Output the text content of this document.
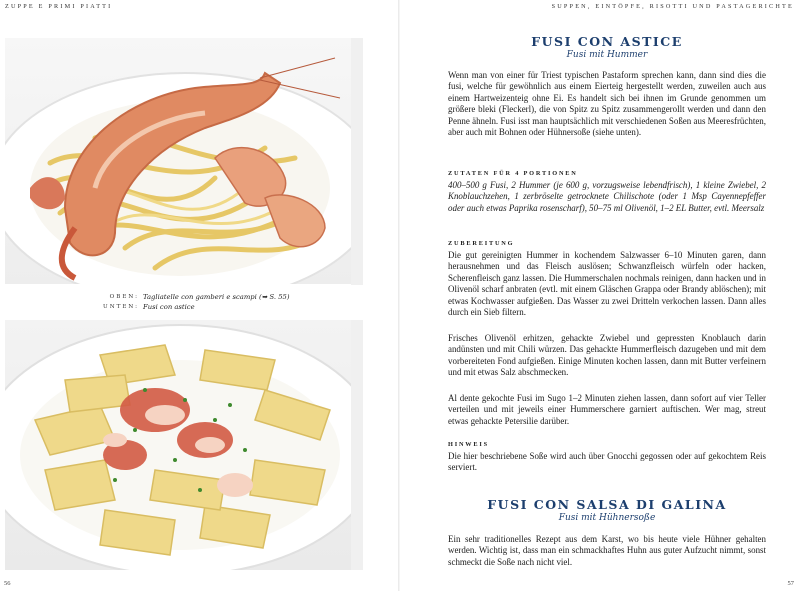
ZUPPE E PRIMI PIATTI
OBEN: Tagliatelle con gamberi e scampi (➥ S. 55)
UNTEN: Fusi con astice
56
SUPPEN, EINTÖPFE, RISOTTI UND PASTAGERICHTE
FUSI CON ASTICE
Fusi mit Hummer
Wenn man von einer für Triest typischen Pastaform sprechen kann, dann sind dies die fusi, welche für gewöhnlich aus einem Eierteig hergestellt werden, zuweilen auch aus einem Hartweizenteig ohne Ei. Es handelt sich bei ihnen im Grunde genommen um größere bleki (Fleckerl), die von Spitz zu Spitz zusammengerollt werden und dann den Penne ähneln. Fusi isst man hauptsächlich mit verschiedenen Soßen aus Meeresfrüchten, aber auch mit Bohnen oder Hühnersoße (siehe unten).
ZUTATEN FÜR 4 PORTIONEN
400–500 g Fusi, 2 Hummer (je 600 g, vorzugsweise lebendfrisch), 1 kleine Zwiebel, 2 Knoblauchzehen, 1 zerbröselte getrocknete Chilischote (oder 1 Msp Cayennepfeffer oder auch etwas Paprika rosenscharf), 50–75 ml Olivenöl, 1–2 EL Butter, evtl. Meersalz
ZUBEREITUNG
Die gut gereinigten Hummer in kochendem Salzwasser 6–10 Minuten garen, dann herausnehmen und das Fleisch auslösen; Schwanzfleisch würfeln oder hacken, Scherenfleisch ganz lassen. Die Hummerschalen nochmals reinigen, dann hacken und in Olivenöl scharf anbraten (evtl. mit einem Gläschen Grappa oder Brandy ablöschen); mit etwas Kochwasser aufgießen. Das Wasser zu zwei Dritteln verkochen lassen. Dann alles durch ein Sieb filtern.
Frisches Olivenöl erhitzen, gehackte Zwiebel und gepressten Knoblauch darin andünsten und mit Chili würzen. Das gehackte Hummerfleisch dazugeben und mit dem vorbereiteten Fond aufgießen. Einige Minuten kochen lassen, dann mit Butter verfeinern und mit etwas Salz abschmecken.
Al dente gekochte Fusi im Sugo 1–2 Minuten ziehen lassen, dann sofort auf vier Teller verteilen und mit jeweils einer Hummerschere garniert auftischen. Wer mag, streut etwas gehackte Petersilie darüber.
HINWEIS
Die hier beschriebene Soße wird auch über Gnocchi gegossen oder auf gekochtem Reis serviert.
FUSI CON SALSA DI GALINA
Fusi mit Hühnersoße
Ein sehr traditionelles Rezept aus dem Karst, wo bis heute viele Hühner gehalten werden. Wichtig ist, dass man ein schmackhaftes Huhn aus guter Aufzucht nimmt, sonst schmeckt die Soße nach nicht viel.
57
